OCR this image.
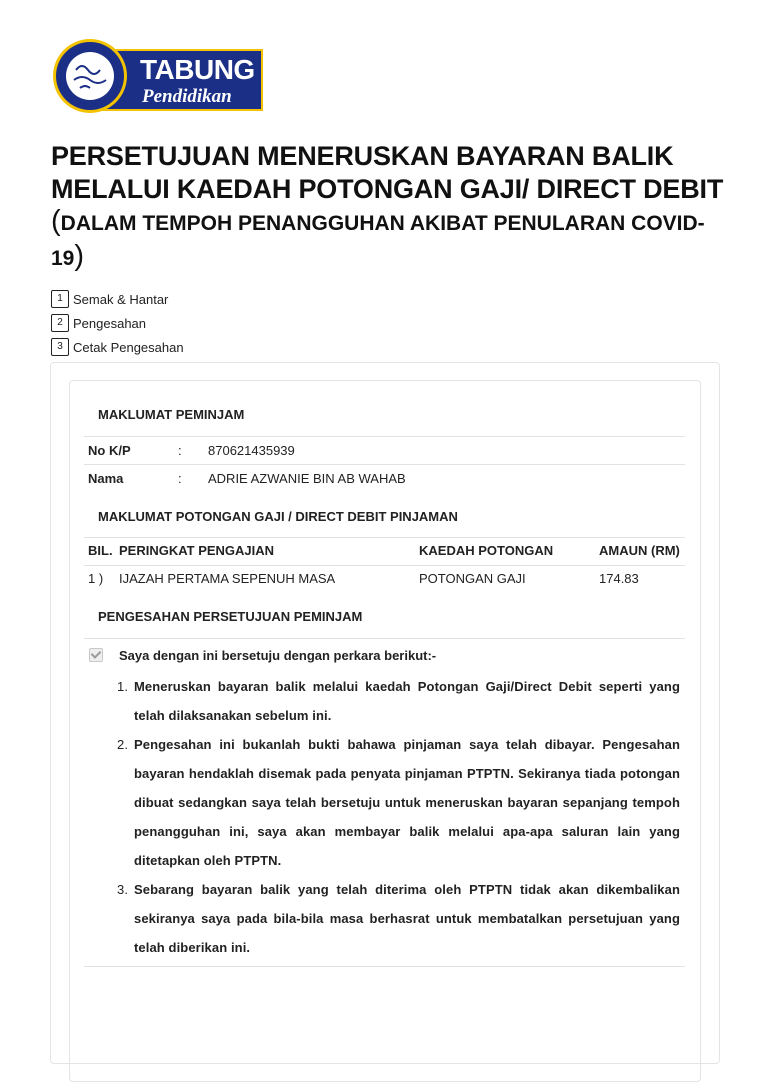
TABUNG
Pendidikan
PERSETUJUAN MENERUSKAN BAYARAN BALIK MELALUI KAEDAH POTONGAN GAJI/ DIRECT DEBIT
(DALAM TEMPOH PENANGGUHAN AKIBAT PENULARAN COVID-19)
1 Semak & Hantar
2 Pengesahan
3 Cetak Pengesahan
MAKLUMAT PEMINJAM
No K/P	: 870621435939
Nama	: ADRIE AZWANIE BIN AB WAHAB
MAKLUMAT POTONGAN GAJI / DIRECT DEBIT PINJAMAN
BIL. PERINGKAT PENGAJIAN	KAEDAH POTONGAN	AMAUN (RM)
1 ) IJAZAH PERTAMA SEPENUH MASA	POTONGAN GAJI	174.83
PENGESAHAN PERSETUJUAN PEMINJAM
Saya dengan ini bersetuju dengan perkara berikut:-
1. Meneruskan bayaran balik melalui kaedah Potongan Gaji/Direct Debit seperti yang telah dilaksanakan sebelum ini.
2. Pengesahan ini bukanlah bukti bahawa pinjaman saya telah dibayar. Pengesahan bayaran hendaklah disemak pada penyata pinjaman PTPTN. Sekiranya tiada potongan dibuat sedangkan saya telah bersetuju untuk meneruskan bayaran sepanjang tempoh penangguhan ini, saya akan membayar balik melalui apa-apa saluran lain yang ditetapkan oleh PTPTN.
3. Sebarang bayaran balik yang telah diterima oleh PTPTN tidak akan dikembalikan sekiranya saya pada bila-bila masa berhasrat untuk membatalkan persetujuan yang telah diberikan ini.
